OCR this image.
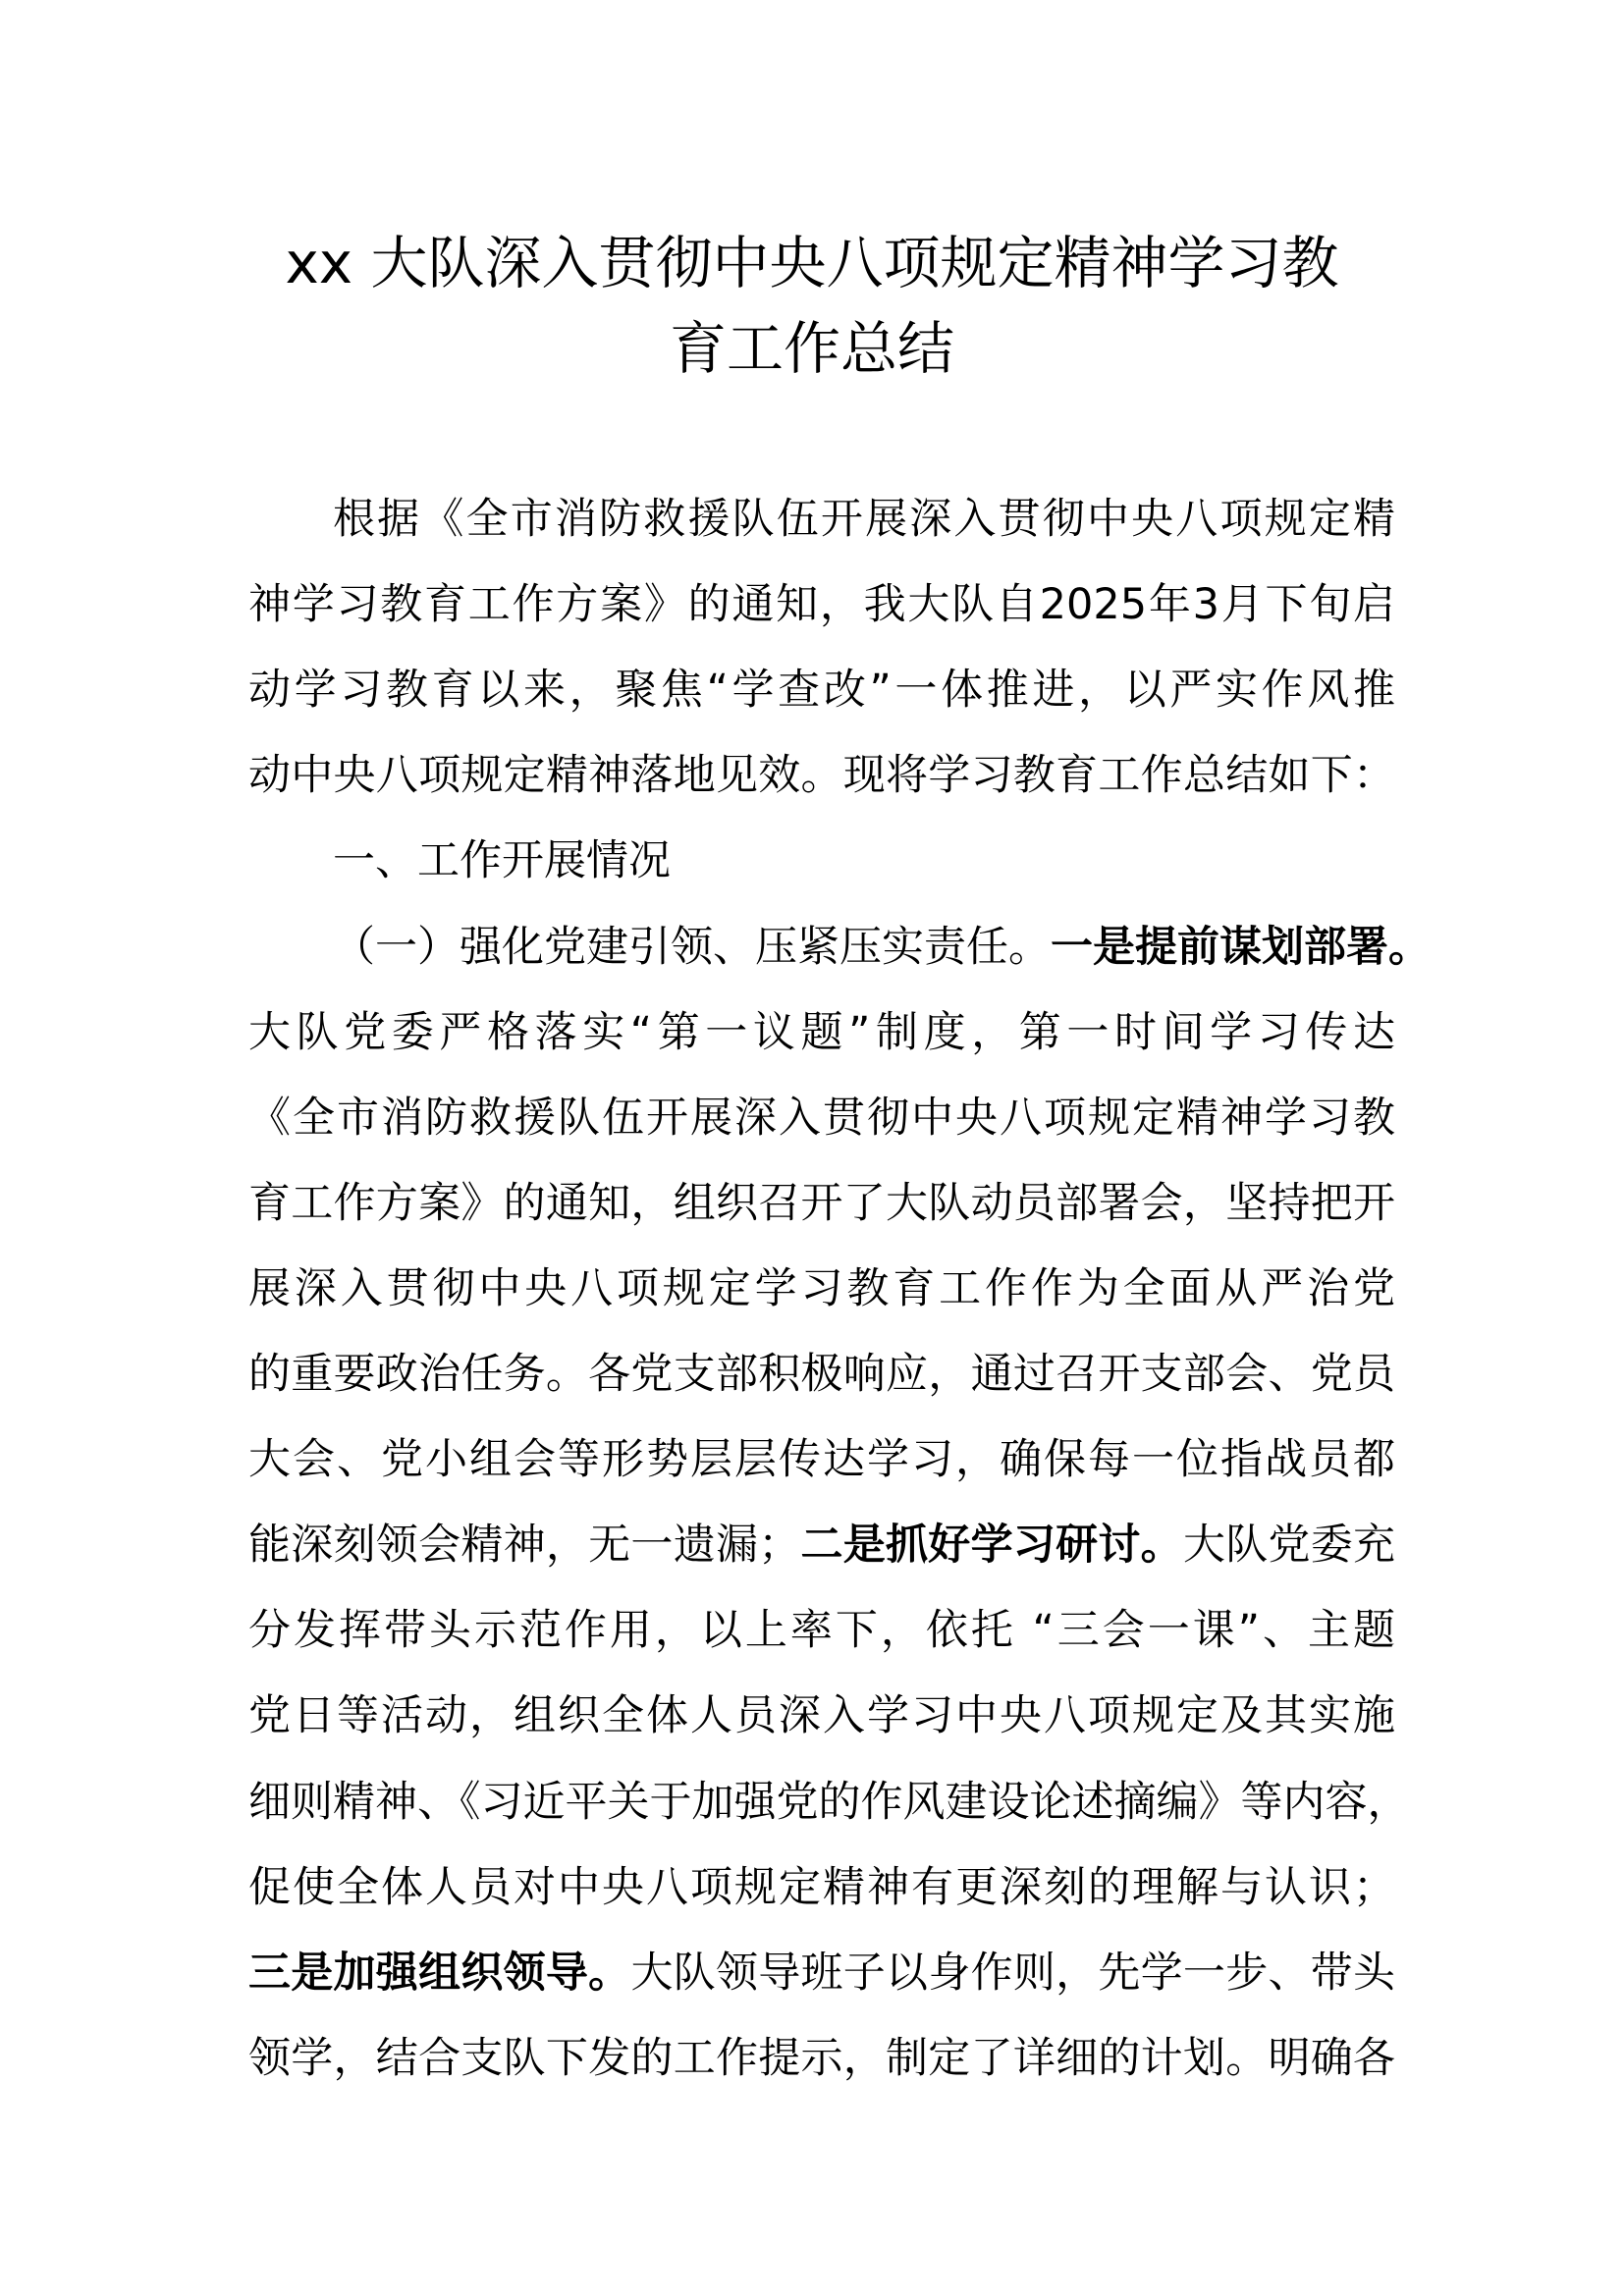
xx 大队深入贯彻中央八项规定精神学习教
育工作总结
根据《全市消防救援队伍开展深入贯彻中央八项规定精
神学习教育工作方案》的通知，我大队自2025年3月下旬启
动学习教育以来，聚焦“学查改”一体推进，以严实作风推
动中央八项规定精神落地见效。现将学习教育工作总结如下：
一、工作开展情况
（一）强化党建引领、压紧压实责任。一是提前谋划部署。
大队党委严格落实“第一议题”制度，第一时间学习传达
《全市消防救援队伍开展深入贯彻中央八项规定精神学习教
育工作方案》的通知，组织召开了大队动员部署会，坚持把开
展深入贯彻中央八项规定学习教育工作作为全面从严治党
的重要政治任务。各党支部积极响应，通过召开支部会、党员
大会、党小组会等形势层层传达学习，确保每一位指战员都
能深刻领会精神，无一遗漏；二是抓好学习研讨。大队党委充
分发挥带头示范作用，以上率下，依托 “三会一课”、主题
党日等活动，组织全体人员深入学习中央八项规定及其实施
细则精神、《习近平关于加强党的作风建设论述摘编》等内容，
促使全体人员对中央八项规定精神有更深刻的理解与认识；
三是加强组织领导。大队领导班子以身作则，先学一步、带头
领学，结合支队下发的工作提示，制定了详细的计划。明确各
